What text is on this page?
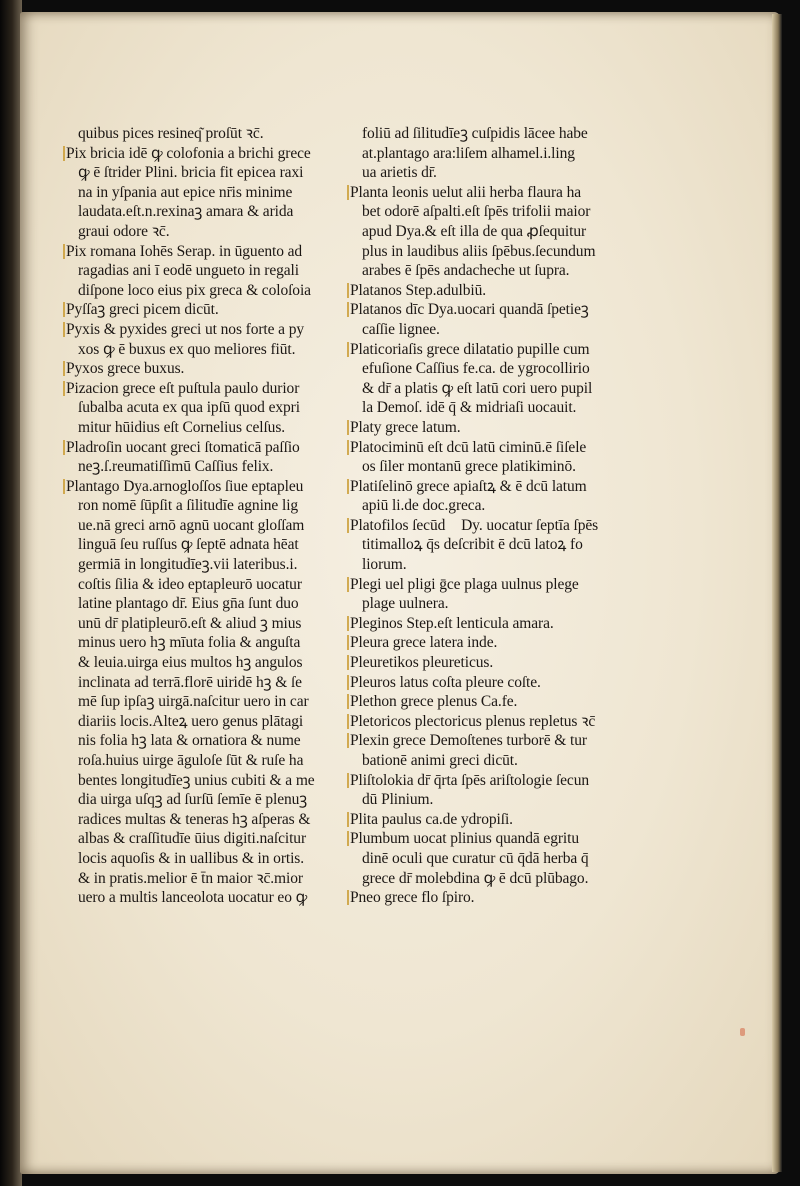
quibus pices resineq͂ proſūt ꝛc̄.
Pix bricia idē ꝙ colofonia a brichi grece
ꝙ ē ſtrider Plini. bricia fit epicea raxi
na in yſpania aut epice nr̄is minime
laudata.eſt.n.rexinaꝫ amara & arida
graui odore ꝛc̄.
Pix romana Iohēs Serap. in ūguento ad
ragadias ani ī eodē ungueto in regali
diſpone loco eius pix greca & coloſoia
Pyſſaꝫ greci picem dicūt.
Pyxis & pyxides greci ut nos forte a py
xos ꝙ ē buxus ex quo meliores fiūt.
Pyxos grece buxus.
Pizacion grece eſt puſtula paulo durior
ſubalba acuta ex qua ipſū quod expri
mitur hūidius eſt Cornelius celſus.
Pladroſin uocant greci ſtomaticā paſſio
neꝫ.ſ.reumatiſſimū Caſſius felix.
Plantago Dya.arnogloſſos ſiue eptapleu
ron nomē ſūpſit a ſilitudīe agnine lig
ue.nā greci arnō agnū uocant gloſſam
linguā ſeu ruſſus ꝙ ſeptē adnata hēat
germiā in longitudīeꝫ.vii lateribus.i.
coſtis ſilia & ideo eptapleurō uocatur
latine plantago dr̄. Eius gn̄a ſunt duo
unū dr̄ platipleurō.eſt & aliud ꝫ mius
minus uero hꝫ mīuta folia & anguſta
& leuia.uirga eius multos hꝫ angulos
inclinata ad terrā.florē uiridē hꝫ & ſe
mē ſup ipſaꝫ uirgā.naſcitur uero in car
diariis locis.Alteꝝ uero genus plātagi
nis folia hꝫ lata & ornatiora & nume
roſa.huius uirge āguloſe ſūt & ruſe ha
bentes longitudīeꝫ unius cubiti & a me
dia uirga uſqꝫ ad ſurſū ſemīe ē plenuꝫ
radices multas & teneras hꝫ aſperas &
albas & craſſitudīe ūius digiti.naſcitur
locis aquoſis & in uallibus & in ortis.
& in pratis.melior ē t̄n maior ꝛc̄.mior
uero a multis lanceolota uocatur eo ꝙ
foliū ad ſilitudīeꝫ cuſpidis lācee habe
at.plantago ara:liſem alhamel.i.ling
ua arietis dr̄.
Planta leonis uelut alii herba flaura ha
bet odorē aſpalti.eſt ſpēs trifolii maior
apud Dya.& eſt illa de qua ꝓſequitur
plus in laudibus aliis ſpēbus.ſecundum
arabes ē ſpēs andacheche ut ſupra.
Platanos Step.adulbiū.
Platanos dīc Dya.uocari quandā ſpetieꝫ
caſſie lignee.
Platicoriaſis grece dilatatio pupille cum
efuſione Caſſius fe.ca. de ygrocollirio
& dr̄ a platis ꝙ eſt latū cori uero pupil
la Demoſ. idē q̄ & midriaſi uocauit.
Platy grece latum.
Platociminū eſt dcū latū ciminū.ē ſiſele
os ſiler montanū grece platikiminō.
Platiſelinō grece apiaſtꝝ & ē dcū latum
apiū li.de doc.greca.
Platofilos ſecūd᷑ Dy. uocatur ſeptīa ſpēs
titimalloꝝ q̄s deſcribit ē dcū latoꝝ fo
liorum.
Plegi uel pligi ḡce plaga uulnus plege
plage uulnera.
Pleginos Step.eſt lenticula amara.
Pleura grece latera inde.
Pleuretikos pleureticus.
Pleuros latus coſta pleure coſte.
Plethon grece plenus Ca.fe.
Pletoricos plectoricus plenus repletus ꝛc̄
Plexin grece Demoſtenes turborē & tur
bationē animi greci dicūt.
Pliſtolokia dr̄ q̄rta ſpēs ariſtologie ſecun
dū Plinium.
Plita paulus ca.de ydropiſi.
Plumbum uocat plinius quandā egritu
dinē oculi que curatur cū q̄dā herba q̄
grece dr̄ molebdina ꝙ ē dcū plūbago.
Pneo grece flo ſpiro.
